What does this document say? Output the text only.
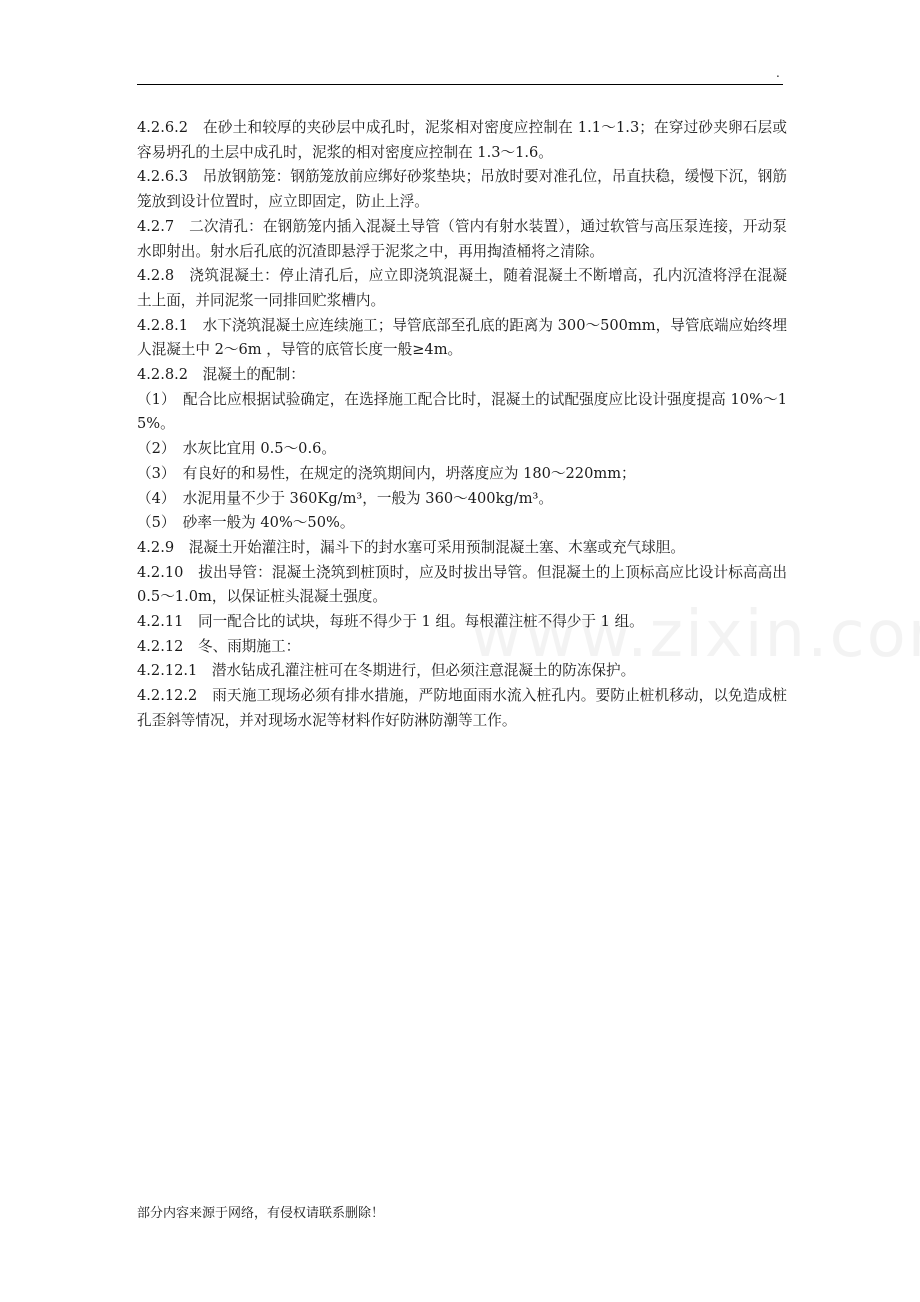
.

4.2.6.2　在砂土和较厚的夹砂层中成孔时，泥浆相对密度应控制在 1.1～1.3；在穿过砂夹卵石层或容易坍孔的土层中成孔时，泥浆的相对密度应控制在 1.3～1.6。

4.2.6.3　吊放钢筋笼：钢筋笼放前应绑好砂浆垫块；吊放时要对准孔位，吊直扶稳，缓慢下沉，钢筋笼放到设计位置时，应立即固定，防止上浮。

4.2.7　二次清孔：在钢筋笼内插入混凝土导管（管内有射水装置），通过软管与高压泵连接，开动泵水即射出。射水后孔底的沉渣即悬浮于泥浆之中，再用掏渣桶将之清除。

4.2.8　浇筑混凝土：停止清孔后，应立即浇筑混凝土，随着混凝土不断增高，孔内沉渣将浮在混凝土上面，并同泥浆一同排回贮浆槽内。

4.2.8.1　水下浇筑混凝土应连续施工；导管底部至孔底的距离为 300～500mm，导管底端应始终埋人混凝土中 2～6m ，导管的底管长度一般≥4m。

4.2.8.2　混凝土的配制：

（1）　配合比应根据试验确定，在选择施工配合比时，混凝土的试配强度应比设计强度提高 10%～15%。

（2）　水灰比宜用 0.5～0.6。

（3）　有良好的和易性，在规定的浇筑期间内，坍落度应为 180～220mm；

（4）　水泥用量不少于 360Kg/m³，一般为 360～400kg/m³。

（5）　砂率一般为 40%～50%。

4.2.9　混凝土开始灌注时，漏斗下的封水塞可采用预制混凝土塞、木塞或充气球胆。

4.2.10　拔出导管：混凝土浇筑到桩顶时，应及时拔出导管。但混凝土的上顶标高应比设计标高高出 0.5～1.0m，以保证桩头混凝土强度。

4.2.11　同一配合比的试块，每班不得少于 1 组。每根灌注桩不得少于 1 组。

4.2.12　冬、雨期施工：

4.2.12.1　潜水钻成孔灌注桩可在冬期进行，但必须注意混凝土的防冻保护。

4.2.12.2　雨天施工现场必须有排水措施，严防地面雨水流入桩孔内。要防止桩机移动，以免造成桩孔歪斜等情况，并对现场水泥等材料作好防淋防潮等工作。

部分内容来源于网络，有侵权请联系删除！
